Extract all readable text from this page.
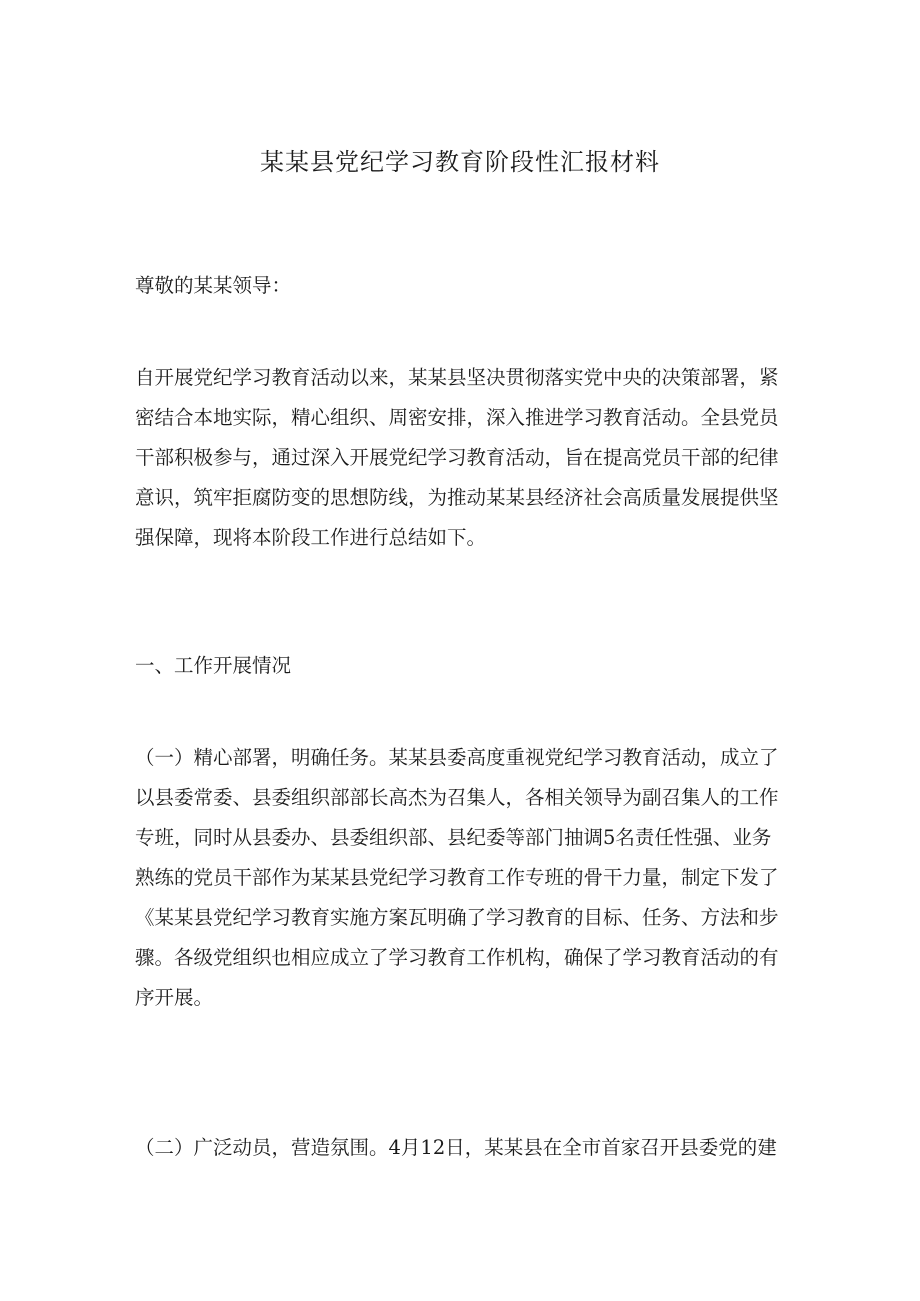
某某县党纪学习教育阶段性汇报材料
尊敬的某某领导：
自开展党纪学习教育活动以来，某某县坚决贯彻落实党中央的决策部署，紧
密结合本地实际，精心组织、周密安排，深入推进学习教育活动。全县党员
干部积极参与，通过深入开展党纪学习教育活动，旨在提高党员干部的纪律
意识，筑牢拒腐防变的思想防线，为推动某某县经济社会高质量发展提供坚
强保障，现将本阶段工作进行总结如下。
一、工作开展情况
（一）精心部署，明确任务。某某县委高度重视党纪学习教育活动，成立了
以县委常委、县委组织部部长高杰为召集人，各相关领导为副召集人的工作
专班，同时从县委办、县委组织部、县纪委等部门抽调5名责任性强、业务
熟练的党员干部作为某某县党纪学习教育工作专班的骨干力量，制定下发了
《某某县党纪学习教育实施方案瓦明确了学习教育的目标、任务、方法和步
骤。各级党组织也相应成立了学习教育工作机构，确保了学习教育活动的有
序开展。
（二）广泛动员，营造氛围。4月12日，某某县在全市首家召开县委党的建
